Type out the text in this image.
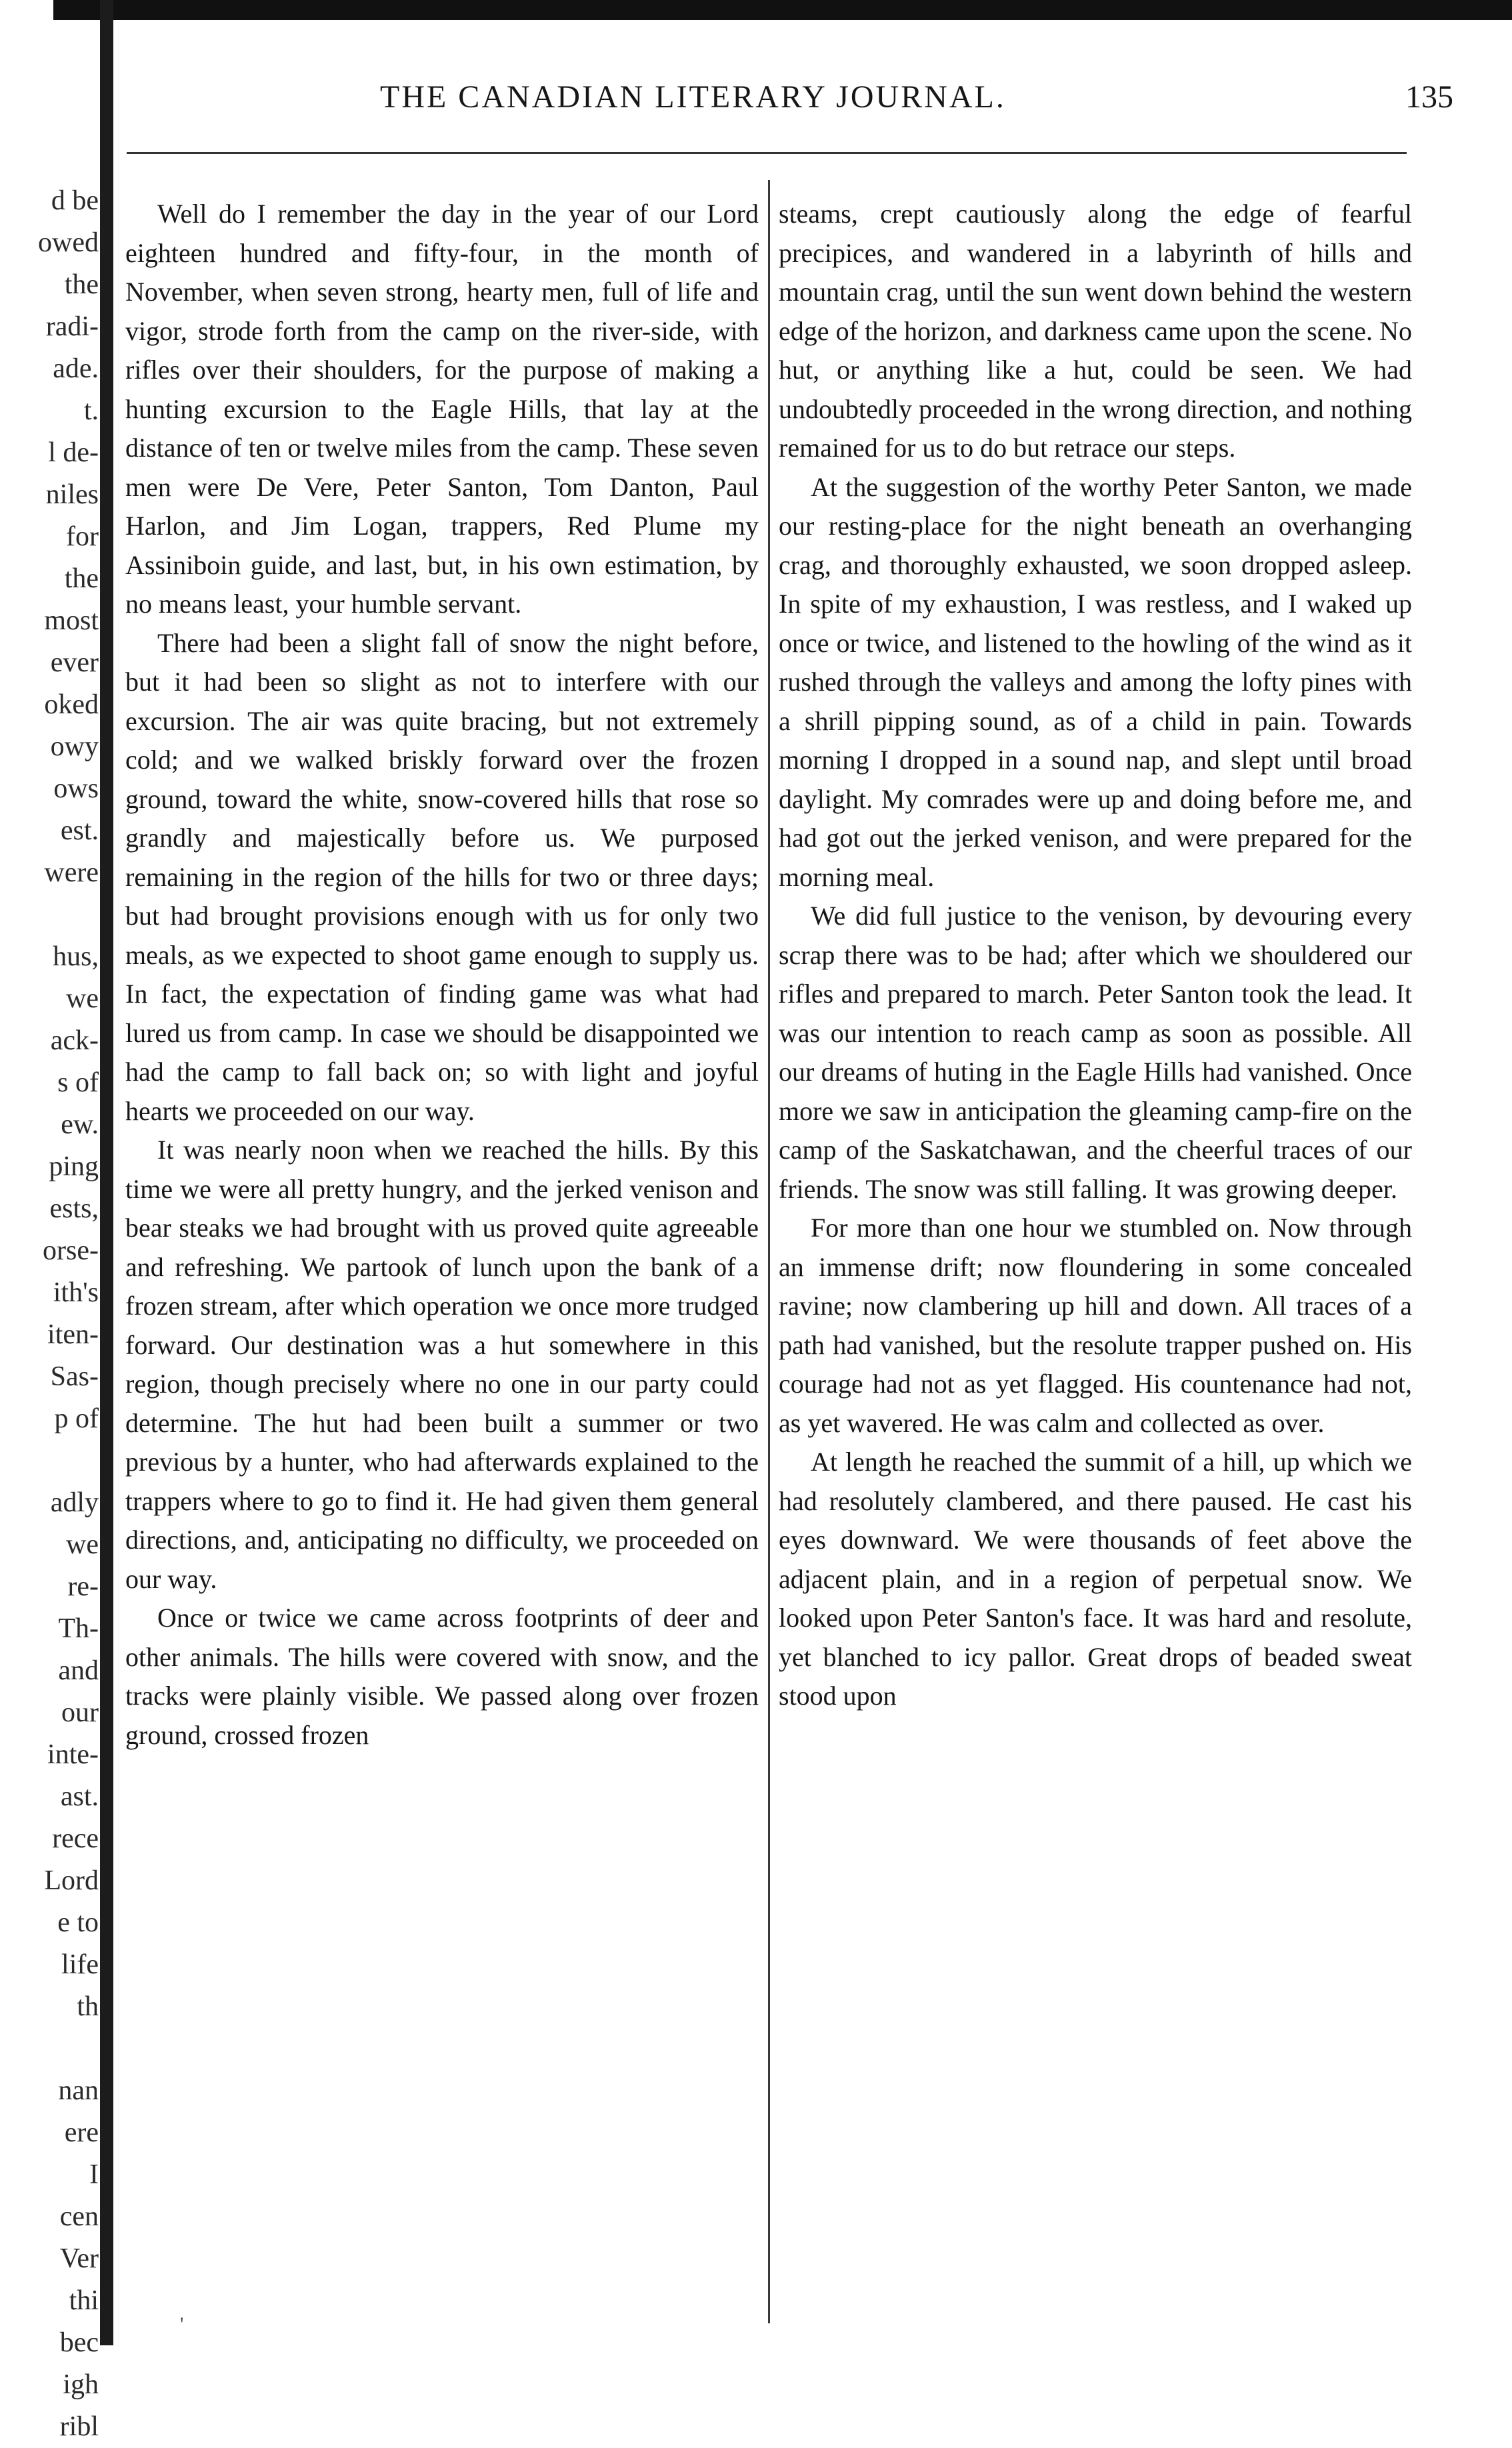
d be
owed
the
radi-
ade.
t.
l de-
niles
for
the
most
ever
oked
owy
ows
est.
were
hus,
we
ack-
s of
ew.
ping
ests,
orse-
ith's
iten-
Sas-
p of
adly
we
re-
Th-
and
our
inte-
ast.
rece
Lord
e to
life
th
nan
ere
I
cen
Ver
thi
bec
igh
ribl
THE CANADIAN LITERARY JOURNAL.	135

Well do I remember the day in the year of our Lord eighteen hundred and fifty-four, in the month of November, when seven strong, hearty men, full of life and vigor, strode forth from the camp on the river-side, with rifles over their shoulders, for the purpose of making a hunting excursion to the Eagle Hills, that lay at the distance of ten or twelve miles from the camp. These seven men were De Vere, Peter Santon, Tom Danton, Paul Harlon, and Jim Logan, trappers, Red Plume my Assiniboin guide, and last, but, in his own estimation, by no means least, your humble servant.

There had been a slight fall of snow the night before, but it had been so slight as not to interfere with our excursion. The air was quite bracing, but not extremely cold; and we walked briskly forward over the frozen ground, toward the white, snow-covered hills that rose so grandly and majestically before us. We purposed remaining in the region of the hills for two or three days; but had brought provisions enough with us for only two meals, as we expected to shoot game enough to supply us. In fact, the expectation of finding game was what had lured us from camp. In case we should be disappointed we had the camp to fall back on; so with light and joyful hearts we proceeded on our way.

It was nearly noon when we reached the hills. By this time we were all pretty hungry, and the jerked venison and bear steaks we had brought with us proved quite agreeable and refreshing. We partook of lunch upon the bank of a frozen stream, after which operation we once more trudged forward. Our destination was a hut somewhere in this region, though precisely where no one in our party could determine. The hut had been built a summer or two previous by a hunter, who had afterwards explained to the trappers where to go to find it. He had given them general directions, and, anticipating no difficulty, we proceeded on our way.

Once or twice we came across footprints of deer and other animals. The hills were covered with snow, and the tracks were plainly visible. We passed along over frozen ground, crossed frozen

steams, crept cautiously along the edge of fearful precipices, and wandered in a labyrinth of hills and mountain crag, until the sun went down behind the western edge of the horizon, and darkness came upon the scene. No hut, or anything like a hut, could be seen. We had undoubtedly proceeded in the wrong direction, and nothing remained for us to do but retrace our steps.

At the suggestion of the worthy Peter Santon, we made our resting-place for the night beneath an overhanging crag, and thoroughly exhausted, we soon dropped asleep. In spite of my exhaustion, I was restless, and I waked up once or twice, and listened to the howling of the wind as it rushed through the valleys and among the lofty pines with a shrill pipping sound, as of a child in pain. Towards morning I dropped in a sound nap, and slept until broad daylight. My comrades were up and doing before me, and had got out the jerked venison, and were prepared for the morning meal.

We did full justice to the venison, by devouring every scrap there was to be had; after which we shouldered our rifles and prepared to march. Peter Santon took the lead. It was our intention to reach camp as soon as possible. All our dreams of huting in the Eagle Hills had vanished. Once more we saw in anticipation the gleaming camp-fire on the camp of the Saskatchawan, and the cheerful traces of our friends. The snow was still falling. It was growing deeper.

For more than one hour we stumbled on. Now through an immense drift; now floundering in some concealed ravine; now clambering up hill and down. All traces of a path had vanished, but the resolute trapper pushed on. His courage had not as yet flagged. His countenance had not, as yet wavered. He was calm and collected as over.

At length he reached the summit of a hill, up which we had resolutely clambered, and there paused. He cast his eyes downward. We were thousands of feet above the adjacent plain, and in a region of perpetual snow. We looked upon Peter Santon's face. It was hard and resolute, yet blanched to icy pallor. Great drops of beaded sweat stood upon

'
